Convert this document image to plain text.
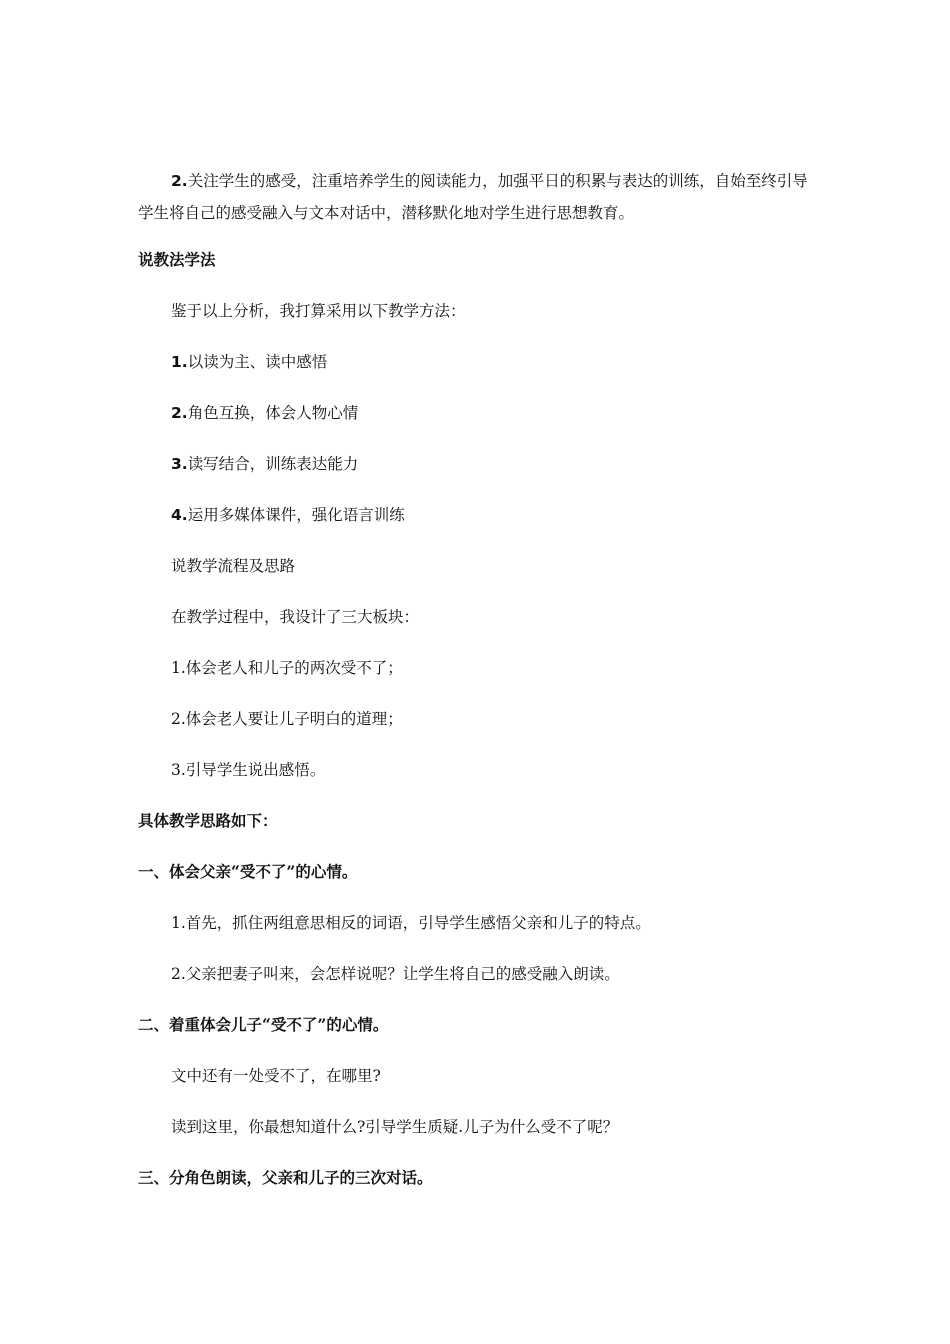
2.关注学生的感受，注重培养学生的阅读能力，加强平日的积累与表达的训练，自始至终引导学生将自己的感受融入与文本对话中，潜移默化地对学生进行思想教育。
说教法学法
鉴于以上分析，我打算采用以下教学方法：
1.以读为主、读中感悟
2.角色互换，体会人物心情
3.读写结合，训练表达能力
4.运用多媒体课件，强化语言训练
说教学流程及思路
在教学过程中，我设计了三大板块：
1.体会老人和儿子的两次受不了；
2.体会老人要让儿子明白的道理；
3.引导学生说出感悟。
具体教学思路如下：
一、体会父亲“受不了”的心情。
1.首先，抓住两组意思相反的词语，引导学生感悟父亲和儿子的特点。
2.父亲把妻子叫来，会怎样说呢？让学生将自己的感受融入朗读。
二、着重体会儿子“受不了”的心情。
文中还有一处受不了，在哪里?
读到这里，你最想知道什么?引导学生质疑.儿子为什么受不了呢？
三、分角色朗读，父亲和儿子的三次对话。
